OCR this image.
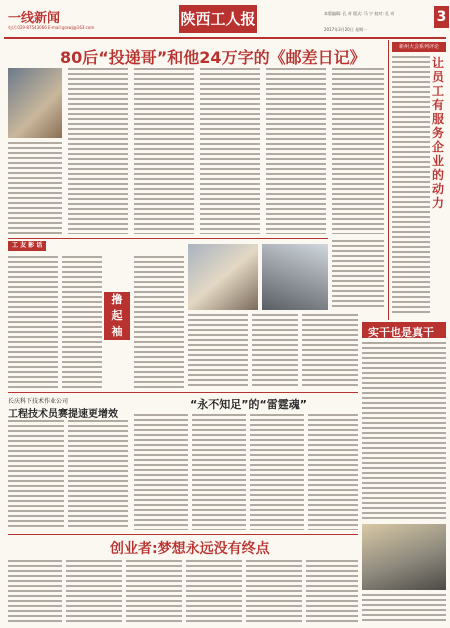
一线新闻
电话:029-87543066 E-mail:grxwj@163.com	陕西工人报	本版编辑: 孔 奇 版式: 马 宁 校对: 孔 奇
2017年3月20日 星期一
3
80后“投递哥”和他24万字的《邮差日记》
新州大会系列评论
让员工有服务企业的动力
实干也是真干
工 友 影 话
撸
起
袖
长庆科下技术作业公司
工程技术员赛提速更增效
“永不知足”的“雷霆魂”
创业者:梦想永远没有终点
